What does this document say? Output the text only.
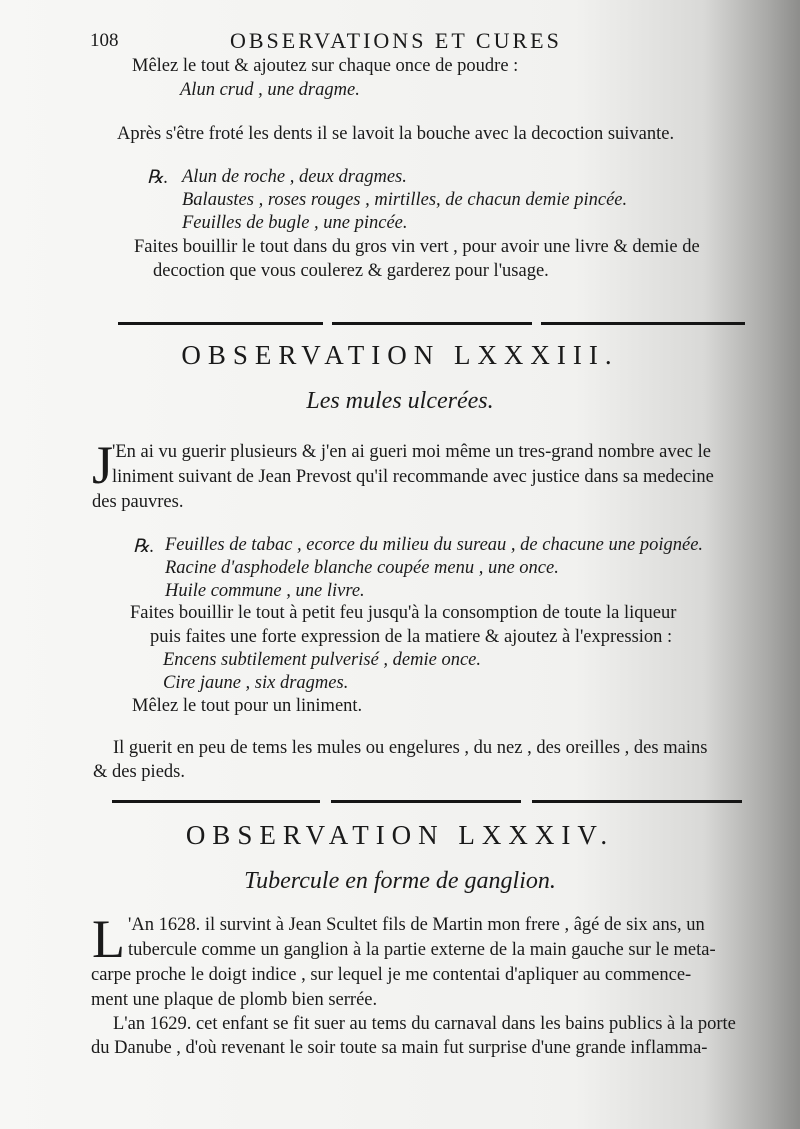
108	OBSERVATIONS ET CURES
Mêlez le tout & ajoutez sur chaque once de poudre :
Alun crud , une dragme.
Après s'être froté les dents il se lavoit la bouche avec la decoction suivante.
℞. Alun de roche , deux dragmes.
Balaustes , roses rouges , mirtilles, de chacun demie pincée.
Feuilles de bugle , une pincée.
Faites bouillir le tout dans du gros vin vert , pour avoir une livre & demie de
decoction que vous coulerez & garderez pour l'usage.
OBSERVATION LXXXIII.
Les mules ulcerées.
J
'En ai vu guerir plusieurs & j'en ai gueri moi même un tres-grand nombre avec le
liniment suivant de Jean Prevost qu'il recommande avec justice dans sa medecine
des pauvres.
℞. Feuilles de tabac , ecorce du milieu du sureau , de chacune une poignée.
Racine d'asphodele blanche coupée menu , une once.
Huile commune , une livre.
Faites bouillir le tout à petit feu jusqu'à la consomption de toute la liqueur
puis faites une forte expression de la matiere & ajoutez à l'expression :
Encens subtilement pulverisé , demie once.
Cire jaune , six dragmes.
Mêlez le tout pour un liniment.
Il guerit en peu de tems les mules ou engelures , du nez , des oreilles , des mains
& des pieds.
OBSERVATION LXXXIV.
Tubercule en forme de ganglion.
L 'An 1628. il survint à Jean Scultet fils de Martin mon frere , âgé de six ans, un
tubercule comme un ganglion à la partie externe de la main gauche sur le meta-
carpe proche le doigt indice , sur lequel je me contentai d'apliquer au commence-
ment une plaque de plomb bien serrée.
L'an 1629. cet enfant se fit suer au tems du carnaval dans les bains publics à la porte
du Danube , d'où revenant le soir toute sa main fut surprise d'une grande inflamma-
